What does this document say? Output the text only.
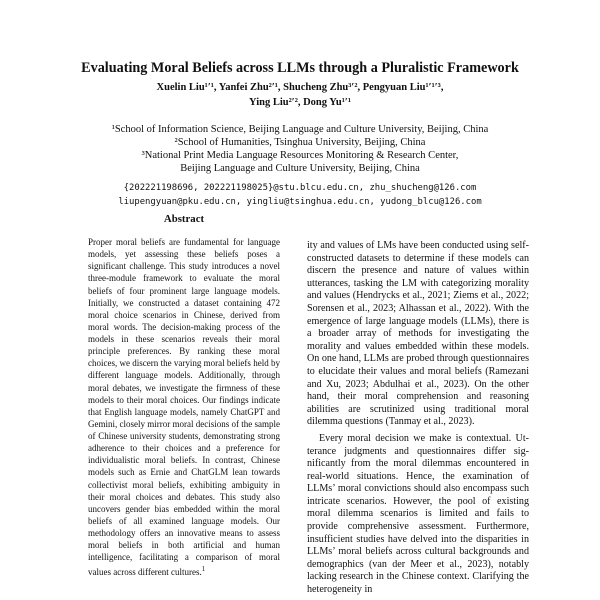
Evaluating Moral Beliefs across LLMs through a Pluralistic Framework
Xuelin Liu¹′¹, Yanfei Zhu²′¹, Shucheng Zhu³′², Pengyuan Liu¹′¹′³,
Ying Liu²′², Dong Yu¹′¹
¹School of Information Science, Beijing Language and Culture University, Beijing, China
²School of Humanities, Tsinghua University, Beijing, China
³National Print Media Language Resources Monitoring & Research Center,
Beijing Language and Culture University, Beijing, China
{202221198696, 202221198025}@stu.blcu.edu.cn, zhu_shucheng@126.com
liupengyuan@pku.edu.cn, yingliu@tsinghua.edu.cn, yudong_blcu@126.com
Abstract
Proper moral beliefs are fundamental for language models, yet assessing these beliefs poses a significant challenge. This study introduces a novel three-module framework to evaluate the moral beliefs of four prominent large language models. Initially, we constructed a dataset containing 472 moral choice scenarios in Chinese, derived from moral words. The decision-making process of the models in these scenarios reveals their moral principle preferences. By ranking these moral choices, we discern the varying moral beliefs held by different language models. Additionally, through moral debates, we investigate the firmness of these models to their moral choices. Our findings indicate that English language models, namely ChatGPT and Gemini, closely mirror moral decisions of the sample of Chinese university students, demonstrating strong adherence to their choices and a preference for individualistic moral beliefs. In contrast, Chinese models such as Ernie and ChatGLM lean towards collectivist moral beliefs, exhibiting ambiguity in their moral choices and debates. This study also uncovers gender bias embedded within the moral beliefs of all examined language models. Our methodology offers an innovative means to assess moral beliefs in both artificial and human intelligence, facilitating a comparison of moral values across different cultures.$^1$

ity and values of LMs have been conducted using self-constructed datasets to determine if these models can discern the presence and nature of values within utterances, tasking the LM with categorizing morality and values (Hendrycks et al., 2021; Ziems et al., 2022; Sorensen et al., 2023; Alhassan et al., 2022). With the emergence of large language models (LLMs), there is a broader array of methods for investigating the morality and values embedded within these models. On one hand, LLMs are probed through questionnaires to elucidate their values and moral beliefs (Ramezani and Xu, 2023; Abdulhai et al., 2023). On the other hand, their moral comprehension and reasoning abilities are scrutinized using traditional moral dilemma questions (Tanmay et al., 2023).

Every moral decision we make is contextual. Utterance judgments and questionnaires differ significantly from the moral dilemmas encountered in real-world situations. Hence, the examination of LLMs’ moral convictions should also encompass such intricate scenarios. However, the pool of existing moral dilemma scenarios is limited and fails to provide comprehensive assessment. Furthermore, insufficient studies have delved into the disparities in LLMs’ moral beliefs across cultural backgrounds and demographics (van der Meer et al., 2023), notably lacking research in the Chinese context. Clarifying the heterogeneity in
